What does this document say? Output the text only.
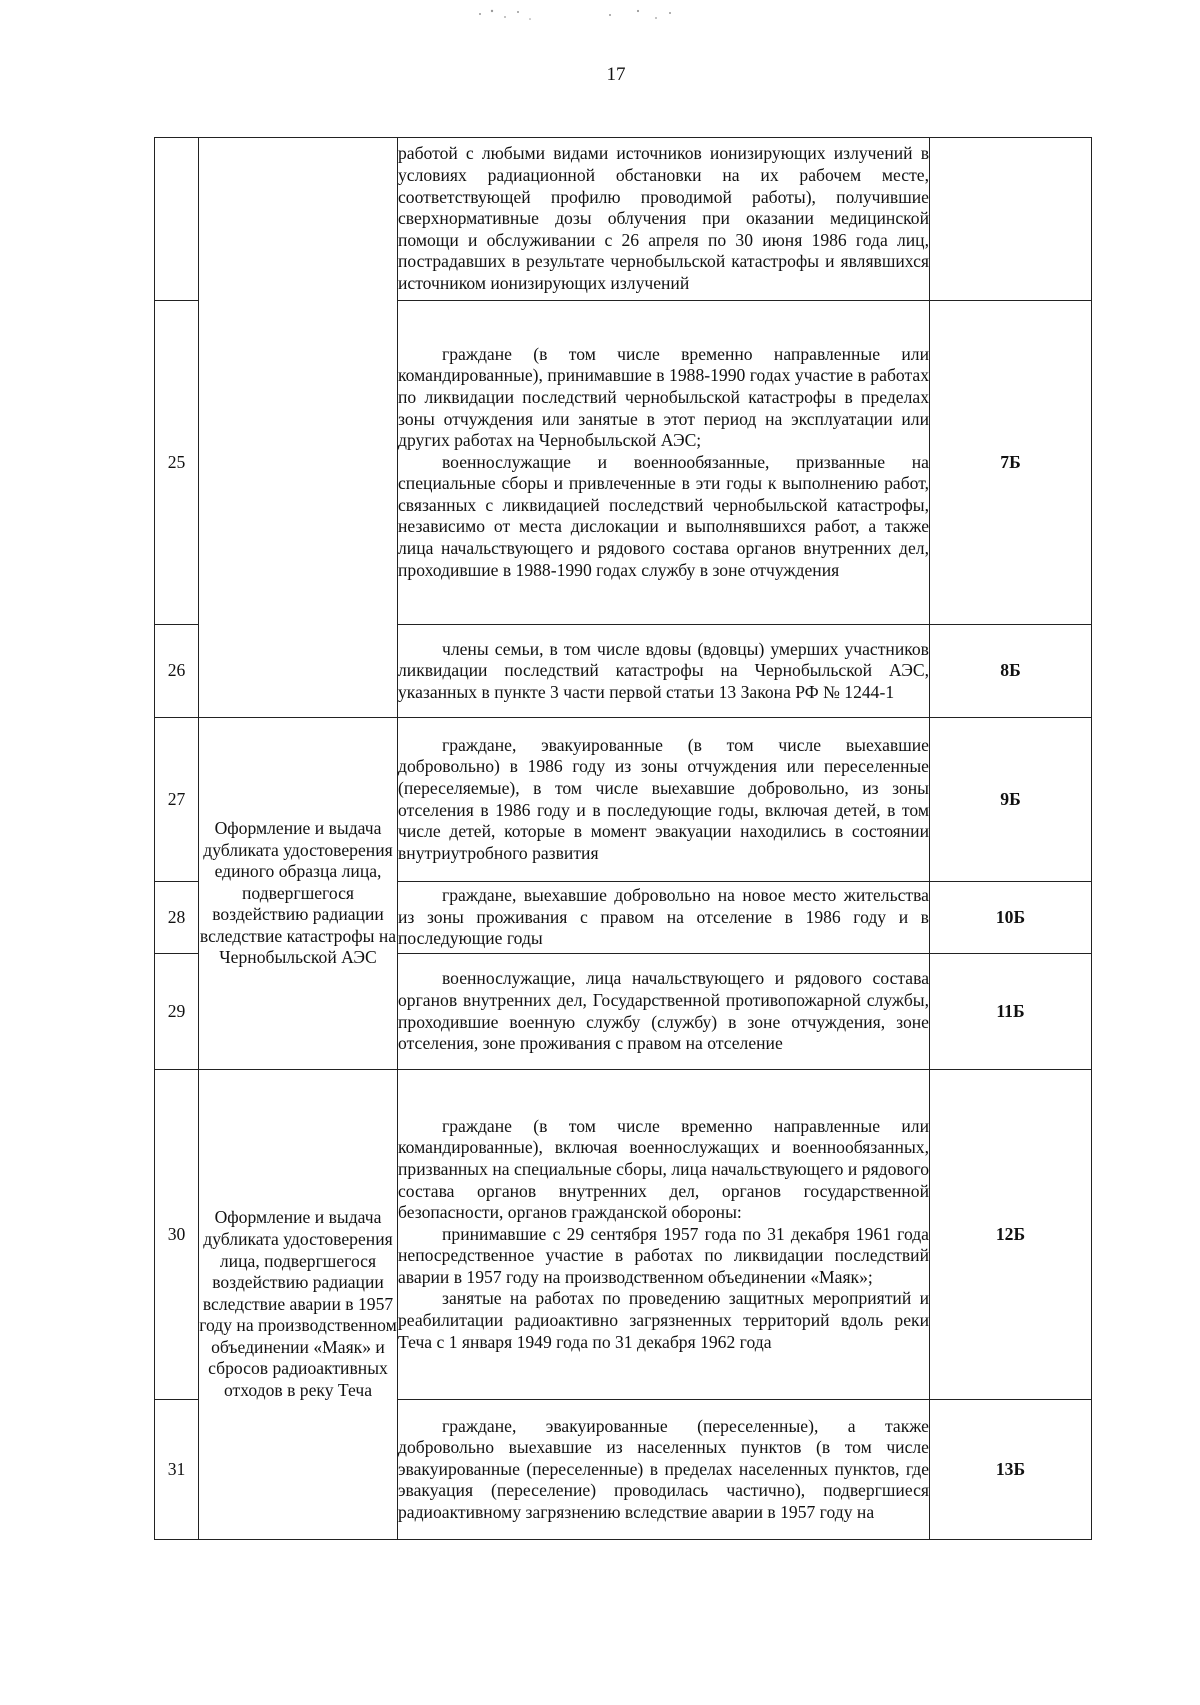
17

		работой с любыми видами источников ионизирующих излучений в условиях радиационной обстановки на их рабочем месте, соответствующей профилю проводимой работы), получившие сверхнормативные дозы облучения при оказании медицинской помощи и обслуживании с 26 апреля по 30 июня 1986 года лиц, пострадавших в результате чернобыльской катастрофы и являвшихся источником ионизирующих излучений	

25		граждане (в том числе временно направленные или командированные), принимавшие в 1988-1990 годах участие в работах по ликвидации последствий чернобыльской катастрофы в пределах зоны отчуждения или занятые в этот период на эксплуатации или других работах на Чернобыльской АЭС;

военнослужащие и военнообязанные, призванные на специальные сборы и привлеченные в эти годы к выполнению работ, связанных с ликвидацией последствий чернобыльской катастрофы, независимо от места дислокации и выполнявшихся работ, а также лица начальствующего и рядового состава органов внутренних дел, проходившие в 1988-1990 годах службу в зоне отчуждения	7Б
26		члены семьи, в том числе вдовы (вдовцы) умерших участников ликвидации последствий катастрофы на Чернобыльской АЭС, указанных в пункте 3 части первой статьи 13 Закона РФ № 1244-1	8Б
27	Оформление и выдача дубликата удостоверения единого образца лица, подвергшегося воздействию радиации вследствие катастрофы на Чернобыльской АЭС	граждане, эвакуированные (в том числе выехавшие добровольно) в 1986 году из зоны отчуждения или переселенные (переселяемые), в том числе выехавшие добровольно, из зоны отселения в 1986 году и в последующие годы, включая детей, в том числе детей, которые в момент эвакуации находились в состоянии внутриутробного развития	9Б
28		граждане, выехавшие добровольно на новое место жительства из зоны проживания с правом на отселение в 1986 году и в последующие годы	10Б
29		военнослужащие, лица начальствующего и рядового состава органов внутренних дел, Государственной противопожарной службы, проходившие военную службу (службу) в зоне отчуждения, зоне отселения, зоне проживания с правом на отселение	11Б
30	Оформление и выдача дубликата удостоверения лица, подвергшегося воздействию радиации вследствие аварии в 1957 году на производственном объединении «Маяк» и сбросов радиоактивных отходов в реку Теча	граждане (в том числе временно направленные или командированные), включая военнослужащих и военнообязанных, призванных на специальные сборы, лица начальствующего и рядового состава органов внутренних дел, органов государственной безопасности, органов гражданской обороны:

принимавшие с 29 сентября 1957 года по 31 декабря 1961 года непосредственное участие в работах по ликвидации последствий аварии в 1957 году на производственном объединении «Маяк»;

занятые на работах по проведению защитных мероприятий и реабилитации радиоактивно загрязненных территорий вдоль реки Теча с 1 января 1949 года по 31 декабря 1962 года	12Б
31		граждане, эвакуированные (переселенные), а также добровольно выехавшие из населенных пунктов (в том числе эвакуированные (переселенные) в пределах населенных пунктов, где эвакуация (переселение) проводилась частично), подвергшиеся радиоактивному загрязнению вследствие аварии в 1957 году на	13Б
